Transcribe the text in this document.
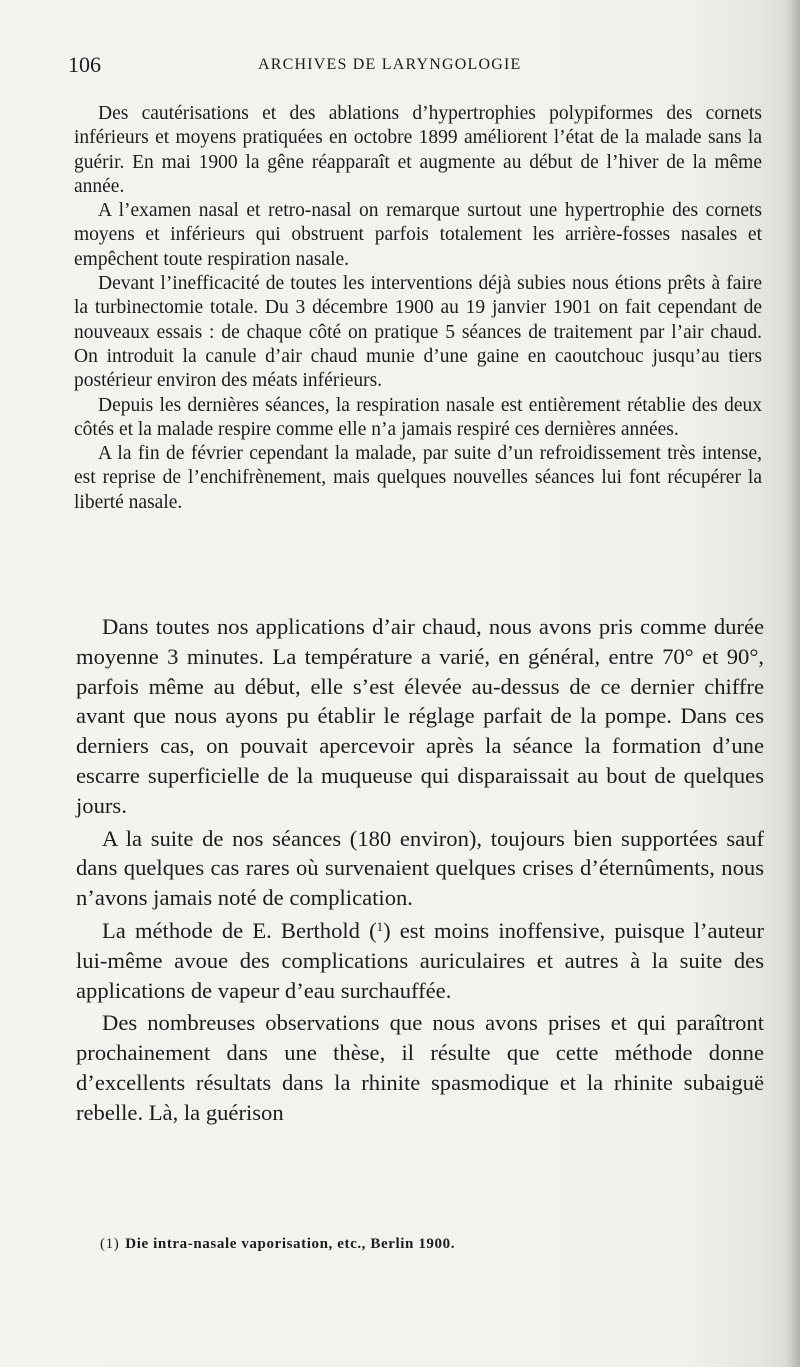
106	ARCHIVES DE LARYNGOLOGIE

Des cautérisations et des ablations d’hypertrophies polypiformes des cornets inférieurs et moyens pratiquées en octobre 1899 améliorent l’état de la malade sans la guérir. En mai 1900 la gêne réapparaît et augmente au début de l’hiver de la même année.

A l’examen nasal et retro-nasal on remarque surtout une hypertrophie des cornets moyens et inférieurs qui obstruent parfois totalement les arrière-fosses nasales et empêchent toute respiration nasale.

Devant l’inefficacité de toutes les interventions déjà subies nous étions prêts à faire la turbinectomie totale. Du 3 décembre 1900 au 19 janvier 1901 on fait cependant de nouveaux essais : de chaque côté on pratique 5 séances de traitement par l’air chaud. On introduit la canule d’air chaud munie d’une gaine en caoutchouc jusqu’au tiers postérieur environ des méats inférieurs.

Depuis les dernières séances, la respiration nasale est entièrement rétablie des deux côtés et la malade respire comme elle n’a jamais respiré ces dernières années.

A la fin de février cependant la malade, par suite d’un refroidissement très intense, est reprise de l’enchifrènement, mais quelques nouvelles séances lui font récupérer la liberté nasale.

Dans toutes nos applications d’air chaud, nous avons pris comme durée moyenne 3 minutes. La température a varié, en général, entre 70° et 90°, parfois même au début, elle s’est élevée au-dessus de ce dernier chiffre avant que nous ayons pu établir le réglage parfait de la pompe. Dans ces derniers cas, on pouvait apercevoir après la séance la formation d’une escarre superficielle de la muqueuse qui disparaissait au bout de quelques jours.

A la suite de nos séances (180 environ), toujours bien supportées sauf dans quelques cas rares où survenaient quelques crises d’éternûments, nous n’avons jamais noté de complication.

La méthode de E. Berthold ($^1$) est moins inoffensive, puisque l’auteur lui-même avoue des complications auriculaires et autres à la suite des applications de vapeur d’eau surchauffée.

Des nombreuses observations que nous avons prises et qui paraîtront prochainement dans une thèse, il résulte que cette méthode donne d’excellents résultats dans la rhinite spasmodique et la rhinite subaiguë rebelle. Là, la guérison

(1) Die intra-nasale vaporisation, etc., Berlin 1900.
